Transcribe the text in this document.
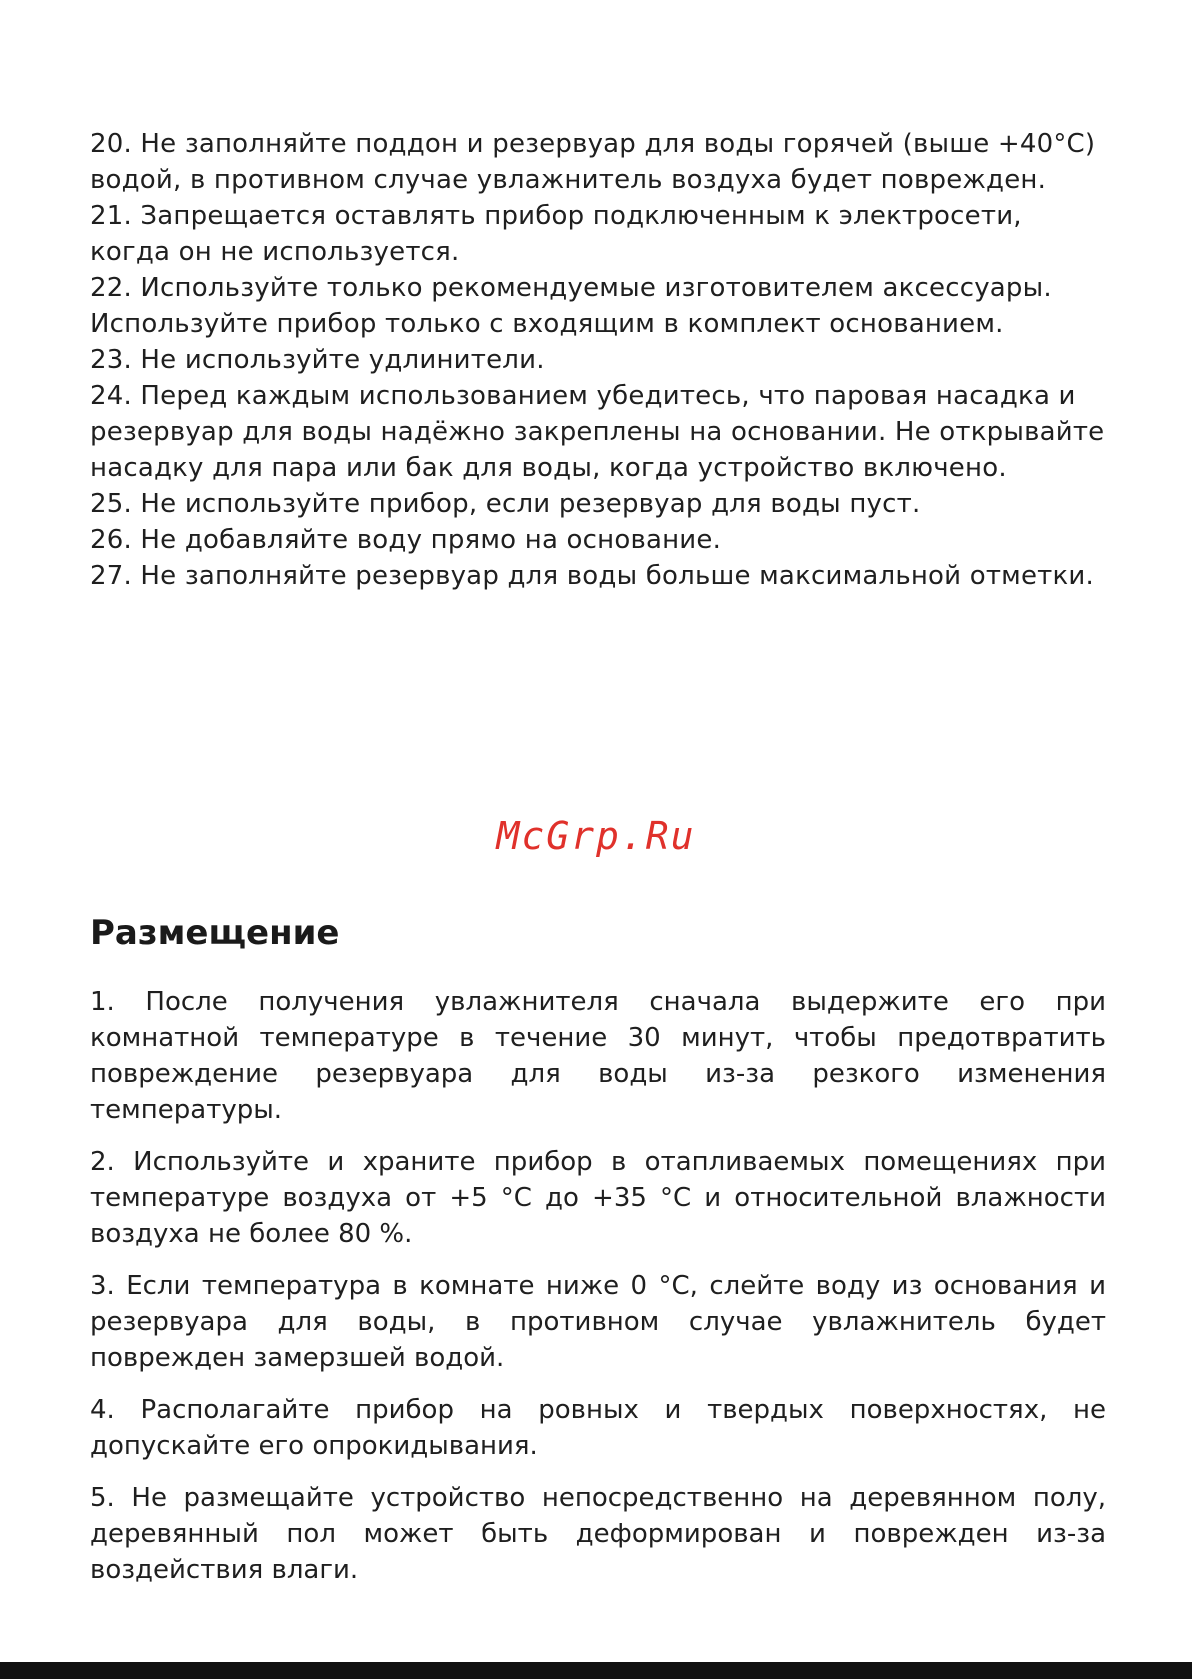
20. Не заполняйте поддон и резервуар для воды горячей (выше +40°C) водой, в противном случае увлажнитель воздуха будет поврежден.

21. Запрещается оставлять прибор подключенным к электросети, когда он не используется.

22. Используйте только рекомендуемые изготовителем аксессуары. Используйте прибор только с входящим в комплект основанием.

23. Не используйте удлинители.

24. Перед каждым использованием убедитесь, что паровая насадка и резервуар для воды надёжно закреплены на основании. Не открывайте насадку для пара или бак для воды, когда устройство включено.

25. Не используйте прибор, если резервуар для воды пуст.

26. Не добавляйте воду прямо на основание.

27. Не заполняйте резервуар для воды больше максимальной отметки.

McGrp.Ru
Размещение

1. После получения увлажнителя сначала выдержите его при комнатной температуре в течение 30 минут, чтобы предотвратить повреждение резервуара для воды из-за резкого изменения температуры.

2. Используйте и храните прибор в отапливаемых помещениях при температуре воздуха от +5 °С до +35 °С и относительной влажности воздуха не более 80 %.

3. Если температура в комнате ниже 0 °С, слейте воду из основания и резервуара для воды, в противном случае увлажнитель будет поврежден замерзшей водой.

4. Располагайте прибор на ровных и твердых поверхностях, не допускайте его опрокидывания.

5. Не размещайте устройство непосредственно на деревянном полу, деревянный пол может быть деформирован и поврежден из-за воздействия влаги.
